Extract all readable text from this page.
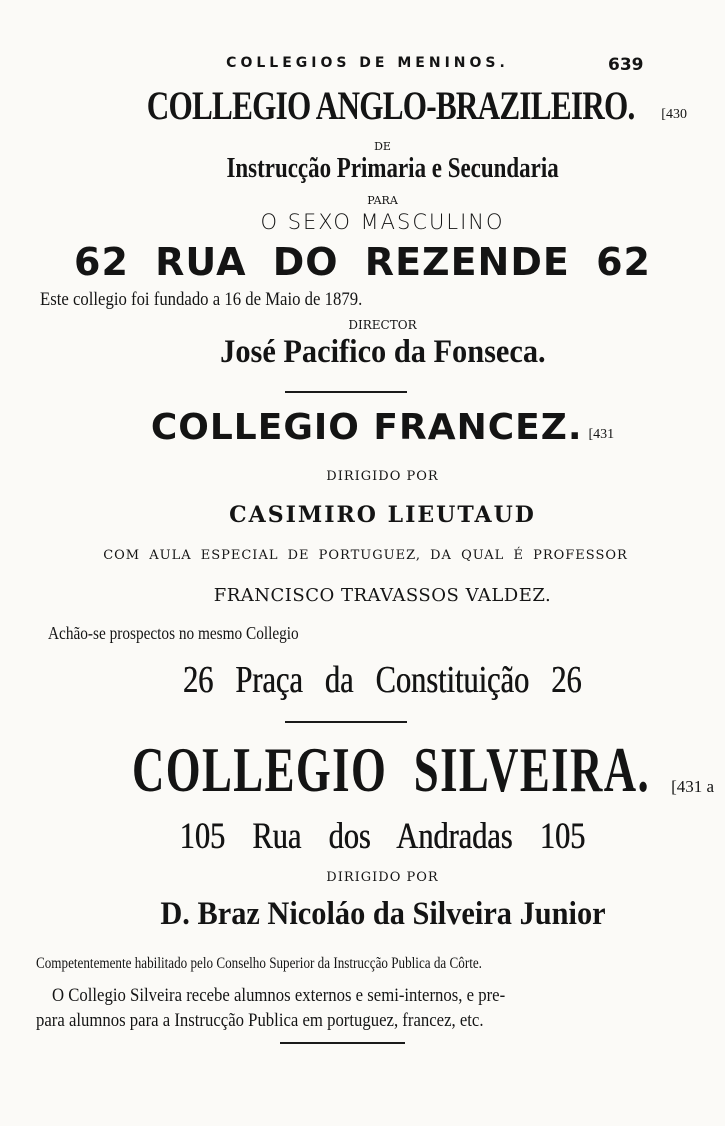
COLLEGIOS DE MENINOS.	639
COLLEGIO ANGLO-BRAZILEIRO. [430
DE
Instrucção Primaria e Secundaria
PARA
O SEXO MASCULINO
62 RUA DO REZENDE 62
Este collegio foi fundado a 16 de Maio de 1879.
DIRECTOR
José Pacifico da Fonseca.
COLLEGIO FRANCEZ. [431
DIRIGIDO POR
CASIMIRO LIEUTAUD
COM AULA ESPECIAL DE PORTUGUEZ, DA QUAL É PROFESSOR
FRANCISCO TRAVASSOS VALDEZ.
Achão-se prospectos no mesmo Collegio
26 Praça da Constituição 26
COLLEGIO SILVEIRA. [431 a
105 Rua dos Andradas 105
DIRIGIDO POR
D. Braz Nicoláo da Silveira Junior
Competentemente habilitado pelo Conselho Superior da Instrucção Publica da Côrte.
O Collegio Silveira recebe alumnos externos e semi-internos, e pre-
para alumnos para a Instrucção Publica em portuguez, francez, etc.
